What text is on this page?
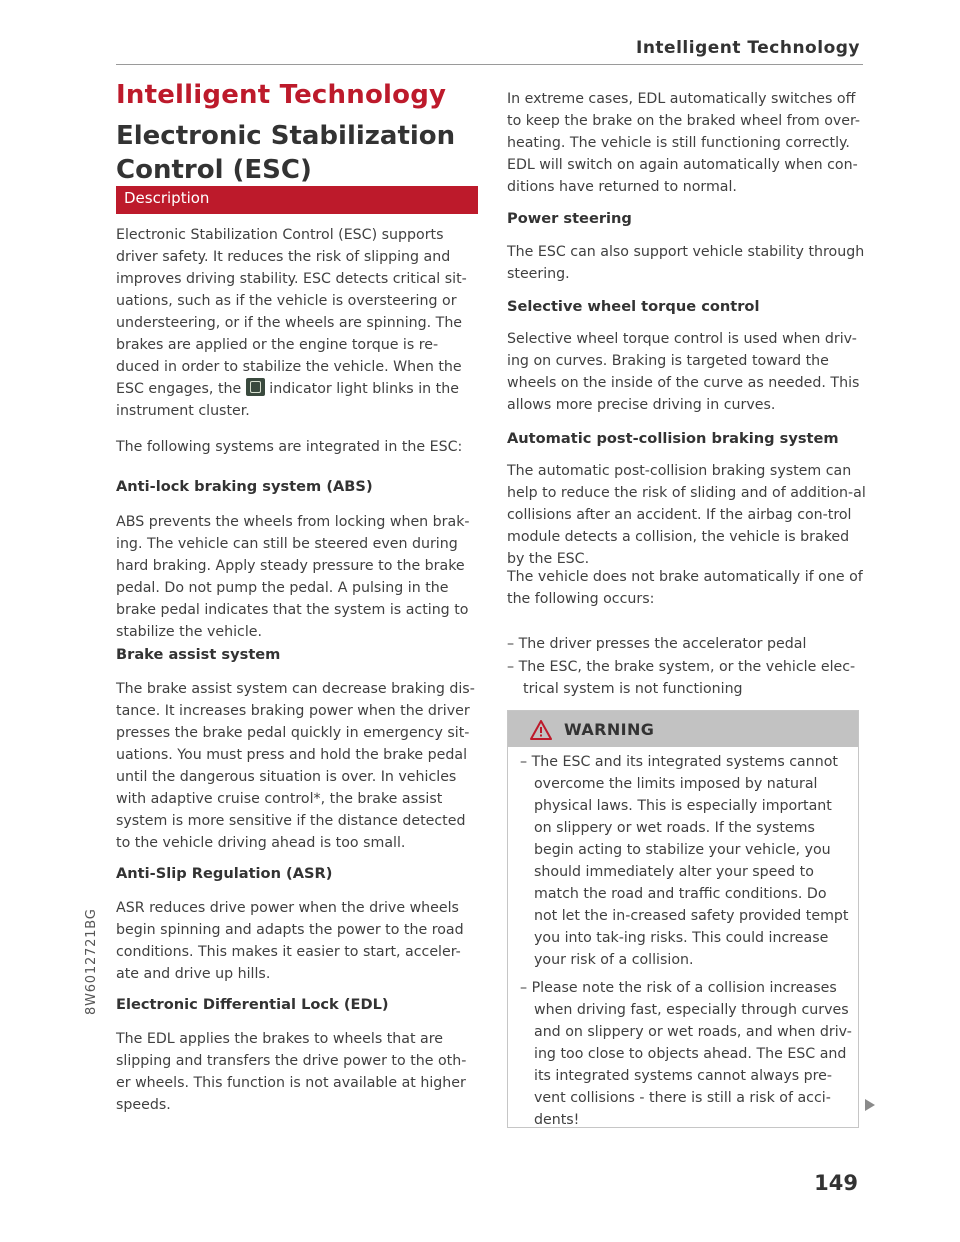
Intelligent Technology
Intelligent Technology
Electronic Stabilization Control (ESC)
Description

Electronic Stabilization Control (ESC) supports driver safety. It reduces the risk of slipping and improves driving stability. ESC detects critical sit-uations, such as if the vehicle is oversteering or understeering, or if the wheels are spinning. The brakes are applied or the engine torque is re-duced in order to stabilize the vehicle. When the ESC engages, the indicator light blinks in the instrument cluster.

The following systems are integrated in the ESC:

Anti-lock braking system (ABS)

ABS prevents the wheels from locking when brak-ing. The vehicle can still be steered even during hard braking. Apply steady pressure to the brake pedal. Do not pump the pedal. A pulsing in the brake pedal indicates that the system is acting to stabilize the vehicle.

Brake assist system

The brake assist system can decrease braking dis-tance. It increases braking power when the driver presses the brake pedal quickly in emergency sit-uations. You must press and hold the brake pedal until the dangerous situation is over. In vehicles with adaptive cruise control*, the brake assist system is more sensitive if the distance detected to the vehicle driving ahead is too small.

Anti-Slip Regulation (ASR)

ASR reduces drive power when the drive wheels begin spinning and adapts the power to the road conditions. This makes it easier to start, acceler-ate and drive up hills.

Electronic Differential Lock (EDL)

The EDL applies the brakes to wheels that are slipping and transfers the drive power to the oth-er wheels. This function is not available at higher speeds.

In extreme cases, EDL automatically switches off to keep the brake on the braked wheel from over-heating. The vehicle is still functioning correctly. EDL will switch on again automatically when con-ditions have returned to normal.

Power steering

The ESC can also support vehicle stability through steering.

Selective wheel torque control

Selective wheel torque control is used when driv-ing on curves. Braking is targeted toward the wheels on the inside of the curve as needed. This allows more precise driving in curves.

Automatic post-collision braking system

The automatic post-collision braking system can help to reduce the risk of sliding and of addition-al collisions after an accident. If the airbag con-trol module detects a collision, the vehicle is braked by the ESC.

The vehicle does not brake automatically if one of the following occurs:

– The driver presses the accelerator pedal
– The ESC, the brake system, or the vehicle elec-trical system is not functioning
WARNING
– The ESC and its integrated systems cannot overcome the limits imposed by natural physical laws. This is especially important on slippery or wet roads. If the systems begin acting to stabilize your vehicle, you should immediately alter your speed to match the road and traffic conditions. Do not let the in-creased safety provided tempt you into tak-ing risks. This could increase your risk of a collision.
– Please note the risk of a collision increases when driving fast, especially through curves and on slippery or wet roads, and when driv-ing too close to objects ahead. The ESC and its integrated systems cannot always pre-vent collisions - there is still a risk of acci-dents!
149
8W6012721BG
